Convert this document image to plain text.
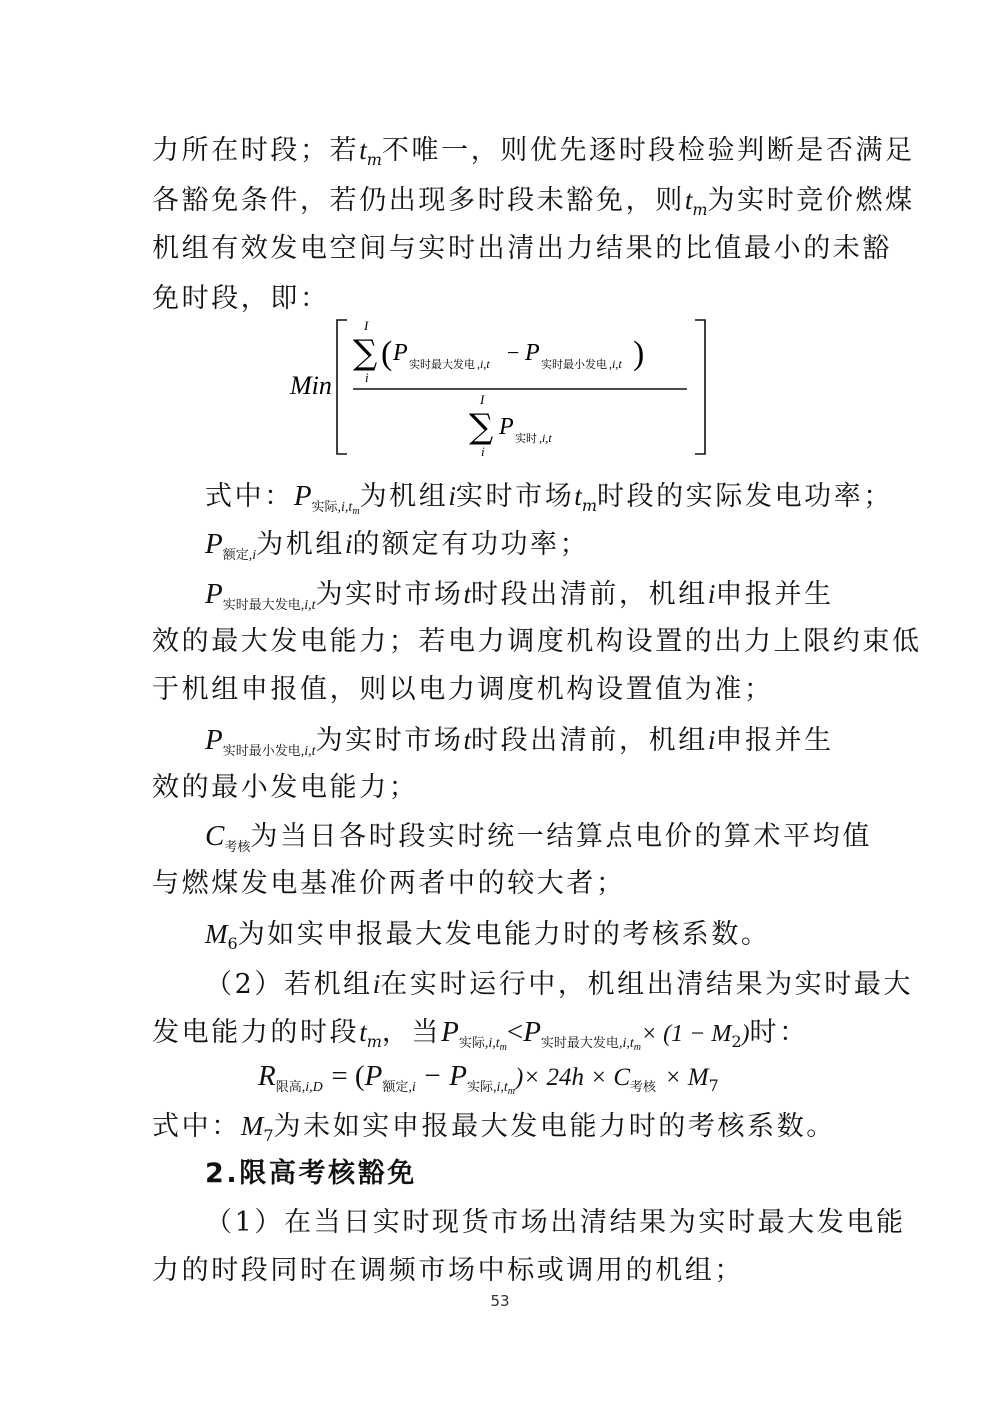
力所在时段；若$t_m$不唯一，则优先逐时段检验判断是否满足
各豁免条件，若仍出现多时段未豁免，则$t_m$为实时竞价燃煤
机组有效发电空间与实时出清出力结果的比值最小的未豁
免时段，即：
Min
I
∑
i
( P 实时最大发电 ,i,t − P 实时最小发电 ,i,t )
I
∑
i
P 实时 ,i,t
式中：$P_{实际,i,tm}$为机组i实时市场$t_m$时段的实际发电功率；
$P_{额定,i}$为机组i的额定有功功率；
$P_{实时最大发电,i,t}$为实时市场t时段出清前，机组i申报并生
效的最大发电能力；若电力调度机构设置的出力上限约束低
于机组申报值，则以电力调度机构设置值为准；
$P_{实时最小发电,i,t}$为实时市场t时段出清前，机组i申报并生
效的最小发电能力；
$C_{考核}$为当日各时段实时统一结算点电价的算术平均值
与燃煤发电基准价两者中的较大者；
$M_6$为如实申报最大发电能力时的考核系数。
（2）若机组i在实时运行中，机组出清结果为实时最大
发电能力的时段$t_m$，当$P_{实际,i,tm}<P_{实时最大发电,i,tm}\times (1 - M_2)$时：
$R_{限高,i,D} = (P_{额定,i} - P_{实际,i,tm})\times 24h \times C_{考核} \times M_7$
式中：$M_7$为未如实申报最大发电能力时的考核系数。
2.限高考核豁免
（1）在当日实时现货市场出清结果为实时最大发电能
力的时段同时在调频市场中标或调用的机组；
53
